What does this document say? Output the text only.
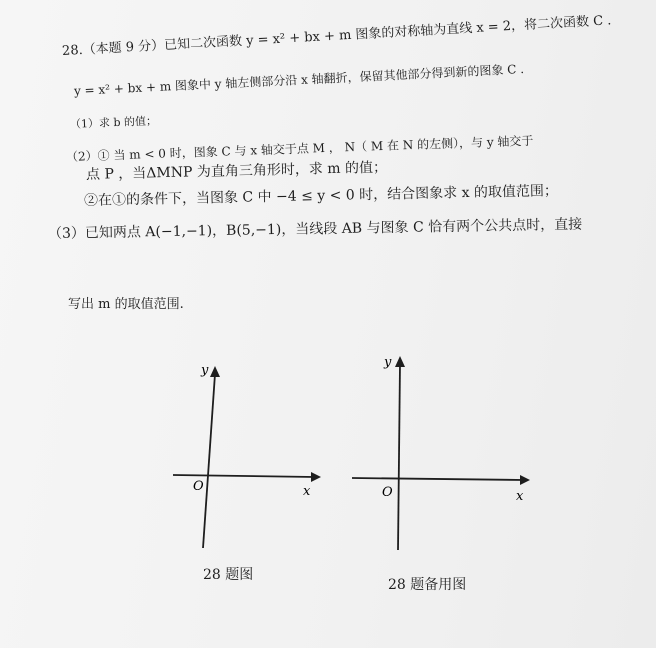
28.（本题 9 分）已知二次函数 y = x² + bx + m 图象的对称轴为直线 x = 2，将二次函数 C .
y = x² + bx + m 图象中 y 轴左侧部分沿 x 轴翻折，保留其他部分得到新的图象 C .
（1）求 b 的值；
（2）① 当 m < 0 时，图象 C 与 x 轴交于点 M ， N（ M 在 N 的左侧），与 y 轴交于
点 P ，当ΔMNP 为直角三角形时，求 m 的值；
②在①的条件下，当图象 C 中 −4 ≤ y < 0 时，结合图象求 x 的取值范围；
（3）已知两点 A(−1,−1)，B(5,−1)，当线段 AB 与图象 C 恰有两个公共点时，直接
写出 m 的取值范围.
y
x
O
28 题图
y
x
O
28 题备用图
